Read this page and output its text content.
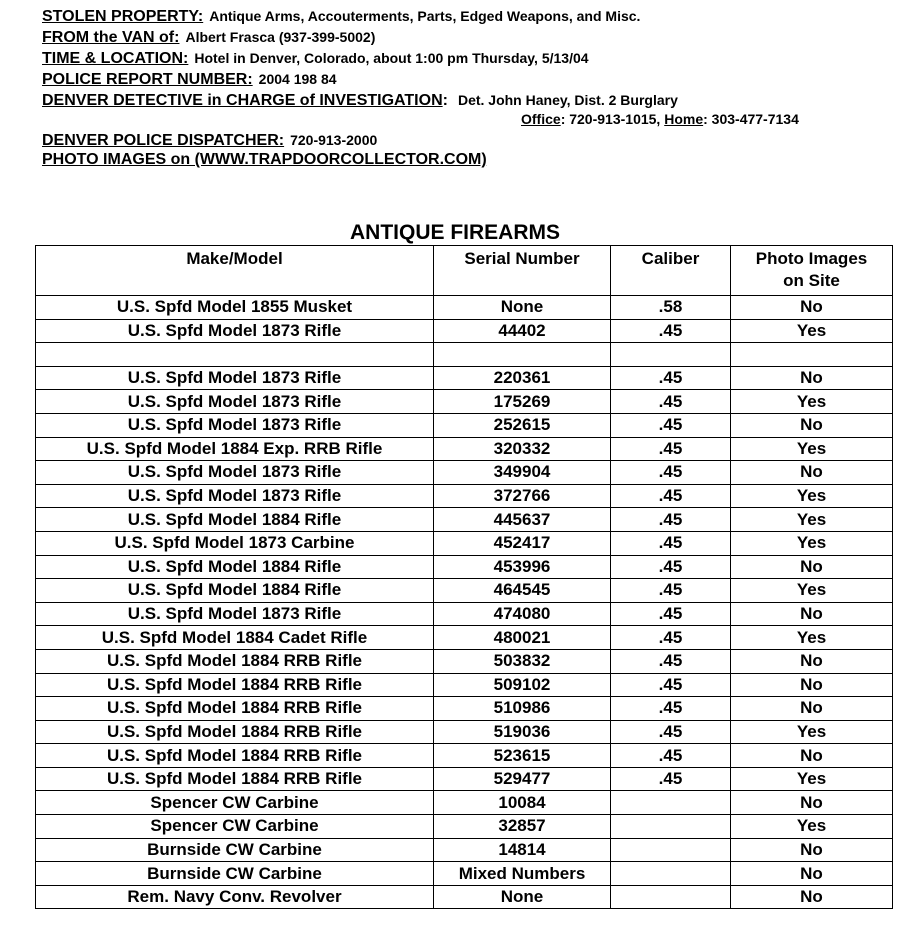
STOLEN PROPERTY: Antique Arms, Accouterments, Parts, Edged Weapons, and Misc.
FROM the VAN of: Albert Frasca (937-399-5002)
TIME & LOCATION: Hotel in Denver, Colorado, about 1:00 pm Thursday, 5/13/04
POLICE REPORT NUMBER: 2004 198 84
DENVER DETECTIVE in CHARGE of INVESTIGATION: Det. John Haney, Dist. 2 Burglary
Office: 720-913-1015, Home: 303-477-7134
DENVER POLICE DISPATCHER: 720-913-2000
PHOTO IMAGES on (WWW.TRAPDOORCOLLECTOR.COM)
ANTIQUE FIREARMS
Make/Model	Serial Number	Caliber	Photo Images
on Site
U.S. Spfd Model 1855 Musket	None	.58	No
U.S. Spfd Model 1873 Rifle	44402	.45	Yes

U.S. Spfd Model 1873 Rifle	220361	.45	No
U.S. Spfd Model 1873 Rifle	175269	.45	Yes
U.S. Spfd Model 1873 Rifle	252615	.45	No
U.S. Spfd Model 1884 Exp. RRB Rifle	320332	.45	Yes
U.S. Spfd Model 1873 Rifle	349904	.45	No
U.S. Spfd Model 1873 Rifle	372766	.45	Yes
U.S. Spfd Model 1884 Rifle	445637	.45	Yes
U.S. Spfd Model 1873 Carbine	452417	.45	Yes
U.S. Spfd Model 1884 Rifle	453996	.45	No
U.S. Spfd Model 1884 Rifle	464545	.45	Yes
U.S. Spfd Model 1873 Rifle	474080	.45	No
U.S. Spfd Model 1884 Cadet Rifle	480021	.45	Yes
U.S. Spfd Model 1884 RRB Rifle	503832	.45	No
U.S. Spfd Model 1884 RRB Rifle	509102	.45	No
U.S. Spfd Model 1884 RRB Rifle	510986	.45	No
U.S. Spfd Model 1884 RRB Rifle	519036	.45	Yes
U.S. Spfd Model 1884 RRB Rifle	523615	.45	No
U.S. Spfd Model 1884 RRB Rifle	529477	.45	Yes
Spencer CW Carbine	10084		No
Spencer CW Carbine	32857		Yes
Burnside CW Carbine	14814		No
Burnside CW Carbine	Mixed Numbers		No
Rem. Navy Conv. Revolver	None		No
